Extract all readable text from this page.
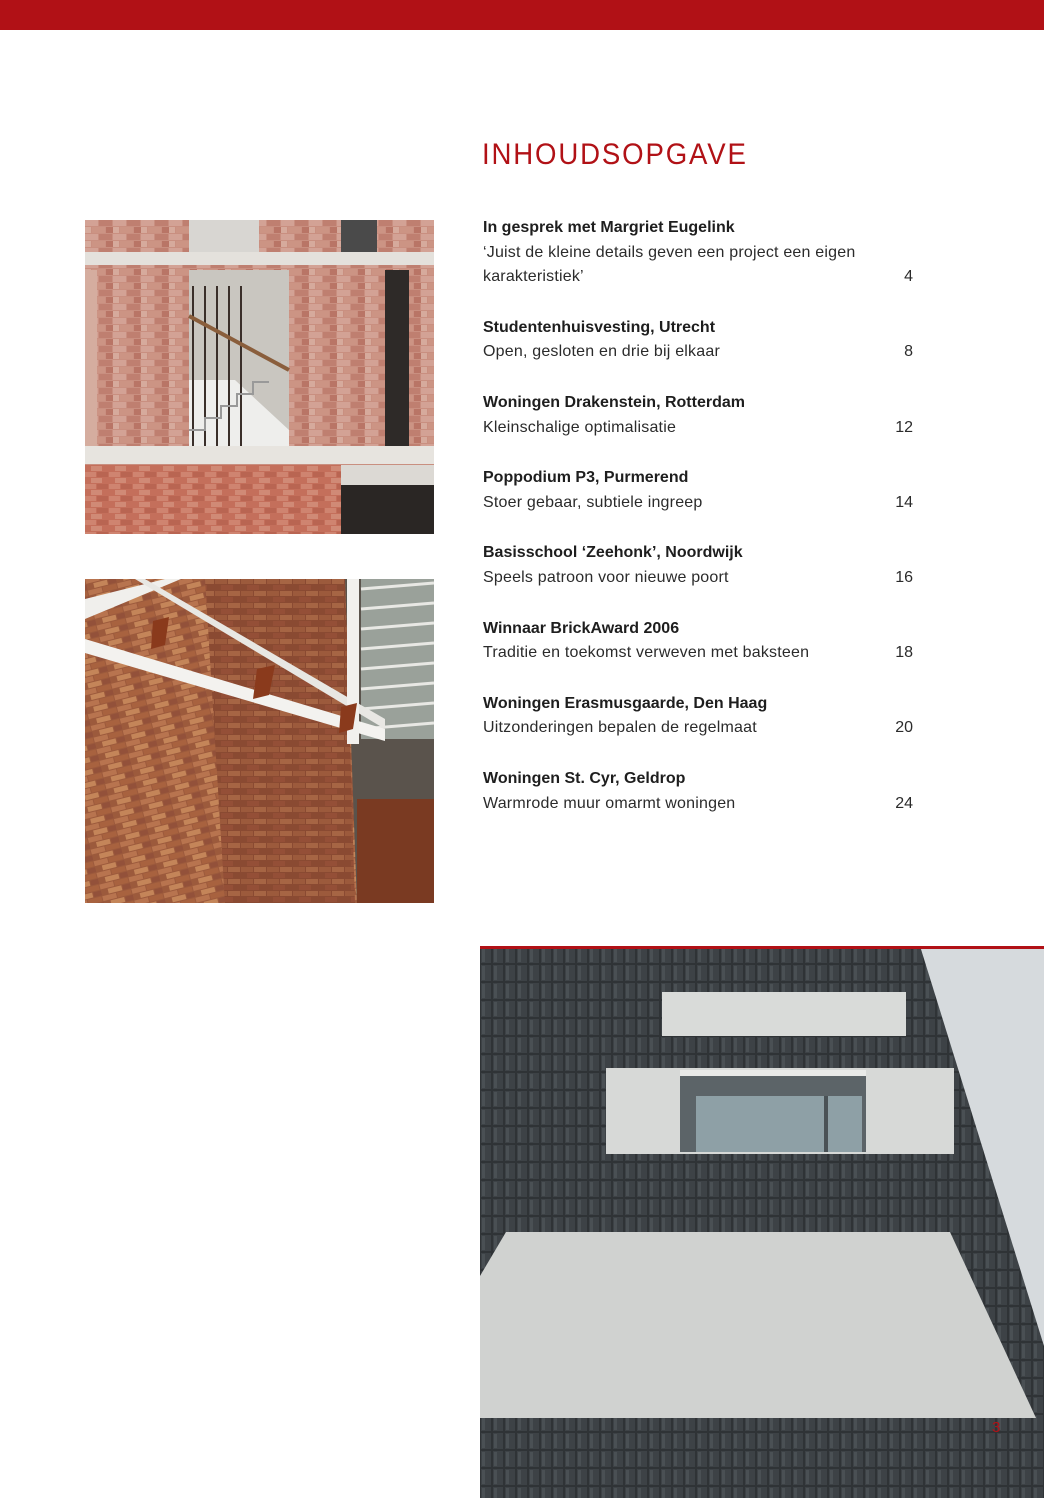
INHOUDSOPGAVE
In gesprek met Margriet Eugelink
‘Juist de kleine details geven een project een eigen karakteristiek’	4
Studentenhuisvesting, Utrecht
Open, gesloten en drie bij elkaar	8
Woningen Drakenstein, Rotterdam
Kleinschalige optimalisatie	12
Poppodium P3, Purmerend
Stoer gebaar, subtiele ingreep	14
Basisschool ‘Zeehonk’, Noordwijk
Speels patroon voor nieuwe poort	16
Winnaar BrickAward 2006
Traditie en toekomst verweven met baksteen	18
Woningen Erasmusgaarde, Den Haag
Uitzonderingen bepalen de regelmaat	20
Woningen St. Cyr, Geldrop
Warmrode muur omarmt woningen	24
3
